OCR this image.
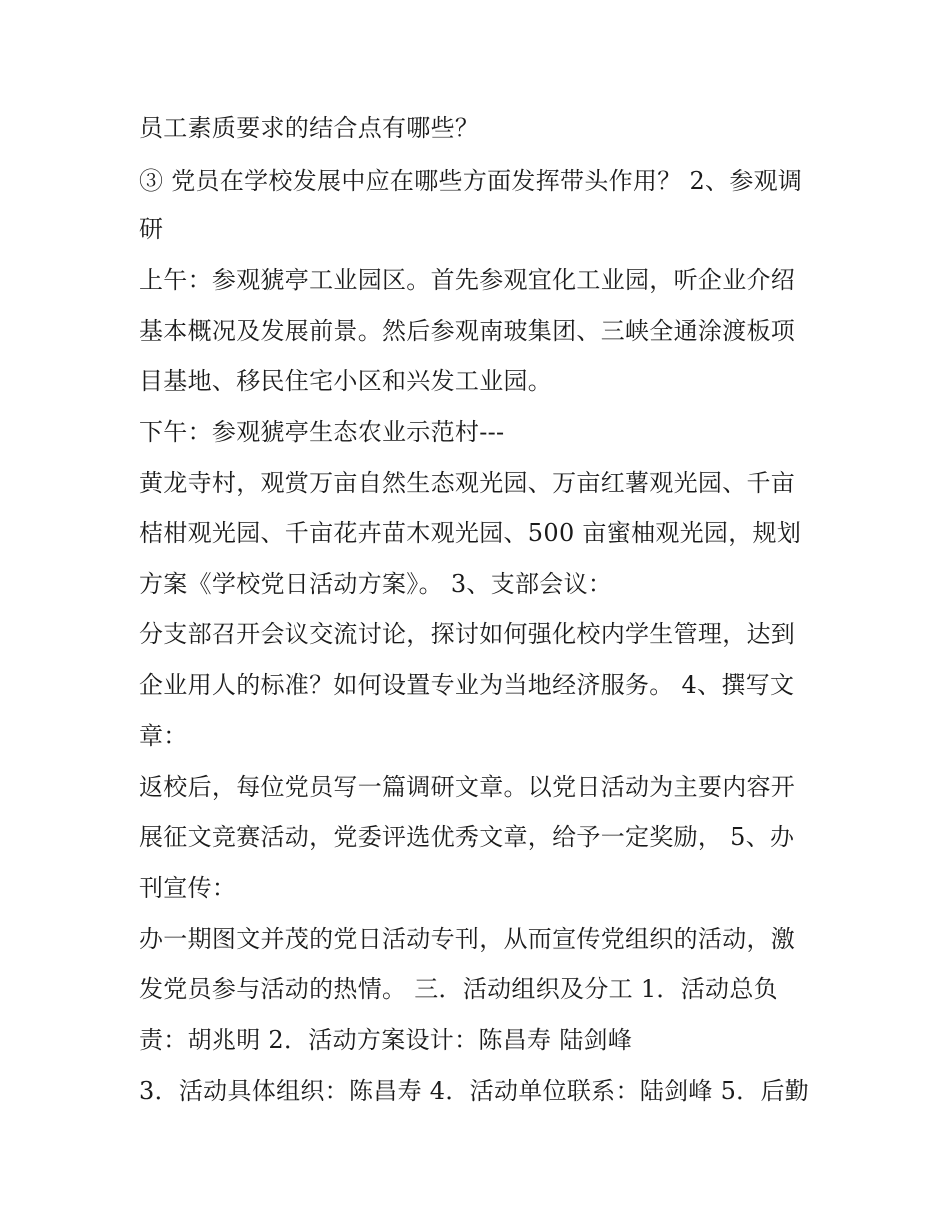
员工素质要求的结合点有哪些？
③ 党员在学校发展中应在哪些方面发挥带头作用？ 2、参观调
研
上午：参观猇亭工业园区。首先参观宜化工业园，听企业介绍
基本概况及发展前景。然后参观南玻集团、三峡全通涂渡板项
目基地、移民住宅小区和兴发工业园。
下午：参观猇亭生态农业示范村---
黄龙寺村，观赏万亩自然生态观光园、万亩红薯观光园、千亩
桔柑观光园、千亩花卉苗木观光园、500 亩蜜柚观光园，规划
方案《学校党日活动方案》。 3、支部会议：
分支部召开会议交流讨论，探讨如何强化校内学生管理，达到
企业用人的标准？如何设置专业为当地经济服务。 4、撰写文
章：
返校后，每位党员写一篇调研文章。以党日活动为主要内容开
展征文竞赛活动，党委评选优秀文章，给予一定奖励， 5、办
刊宣传：
办一期图文并茂的党日活动专刊，从而宣传党组织的活动，激
发党员参与活动的热情。 三．活动组织及分工 1．活动总负
责：胡兆明 2．活动方案设计：陈昌寿 陆剑峰
3．活动具体组织：陈昌寿 4．活动单位联系：陆剑峰 5．后勤
